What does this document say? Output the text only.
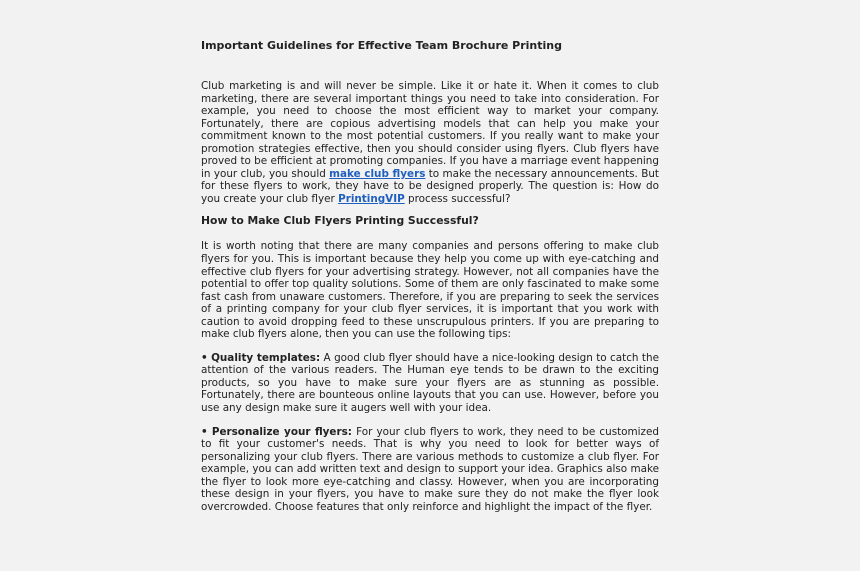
Important Guidelines for Effective Team Brochure Printing

Club marketing is and will never be simple. Like it or hate it. When it comes to club marketing, there are several important things you need to take into consideration. For example, you need to choose the most efficient way to market your company. Fortunately, there are copious advertising models that can help you make your commitment known to the most potential customers. If you really want to make your promotion strategies effective, then you should consider using flyers. Club flyers have proved to be efficient at promoting companies. If you have a marriage event happening in your club, you should make club flyers to make the necessary announcements. But for these flyers to work, they have to be designed properly. The question is: How do you create your club flyer PrintingVIP process successful?

How to Make Club Flyers Printing Successful?

It is worth noting that there are many companies and persons offering to make club flyers for you. This is important because they help you come up with eye-catching and effective club flyers for your advertising strategy. However, not all companies have the potential to offer top quality solutions. Some of them are only fascinated to make some fast cash from unaware customers. Therefore, if you are preparing to seek the services of a printing company for your club flyer services, it is important that you work with caution to avoid dropping feed to these unscrupulous printers. If you are preparing to make club flyers alone, then you can use the following tips:

• Quality templates: A good club flyer should have a nice-looking design to catch the attention of the various readers. The Human eye tends to be drawn to the exciting products, so you have to make sure your flyers are as stunning as possible. Fortunately, there are bounteous online layouts that you can use. However, before you use any design make sure it augers well with your idea.

• Personalize your flyers: For your club flyers to work, they need to be customized to fit your customer's needs. That is why you need to look for better ways of personalizing your club flyers. There are various methods to customize a club flyer. For example, you can add written text and design to support your idea. Graphics also make the flyer to look more eye-catching and classy. However, when you are incorporating these design in your flyers, you have to make sure they do not make the flyer look overcrowded. Choose features that only reinforce and highlight the impact of the flyer.
